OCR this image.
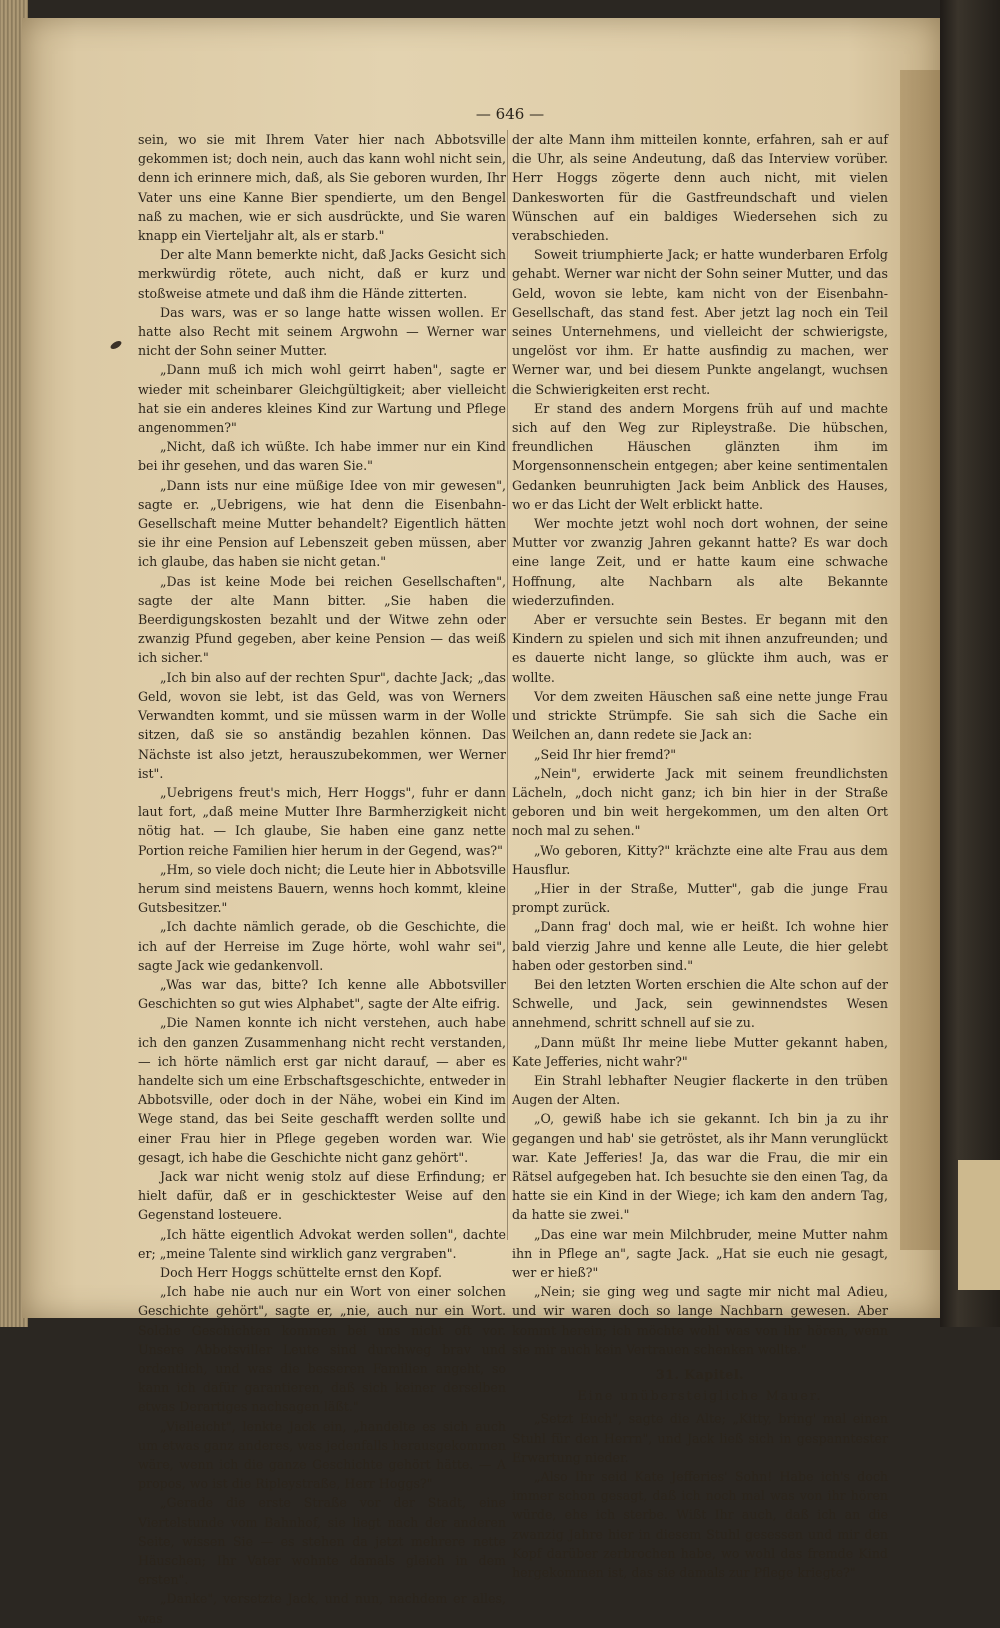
— 646 —

sein, wo sie mit Ihrem Vater hier nach Abbotsville gekommen ist; doch nein, auch das kann wohl nicht sein, denn ich erinnere mich, daß, als Sie geboren wurden, Ihr Vater uns eine Kanne Bier spendierte, um den Bengel naß zu machen, wie er sich ausdrückte, und Sie waren knapp ein Vierteljahr alt, als er starb."

Der alte Mann bemerkte nicht, daß Jacks Gesicht sich merkwürdig rötete, auch nicht, daß er kurz und stoßweise atmete und daß ihm die Hände zitterten.

Das wars, was er so lange hatte wissen wollen. Er hatte also Recht mit seinem Argwohn — Werner war nicht der Sohn seiner Mutter.

„Dann muß ich mich wohl geirrt haben", sagte er wieder mit scheinbarer Gleichgültigkeit; aber vielleicht hat sie ein anderes kleines Kind zur Wartung und Pflege angenommen?"

„Nicht, daß ich wüßte. Ich habe immer nur ein Kind bei ihr gesehen, und das waren Sie."

„Dann ists nur eine müßige Idee von mir gewesen", sagte er. „Uebrigens, wie hat denn die Eisenbahn-Gesellschaft meine Mutter behandelt? Eigentlich hätten sie ihr eine Pension auf Lebenszeit geben müssen, aber ich glaube, das haben sie nicht getan."

„Das ist keine Mode bei reichen Gesellschaften", sagte der alte Mann bitter. „Sie haben die Beerdigungskosten bezahlt und der Witwe zehn oder zwanzig Pfund gegeben, aber keine Pension — das weiß ich sicher."

„Ich bin also auf der rechten Spur", dachte Jack; „das Geld, wovon sie lebt, ist das Geld, was von Werners Verwandten kommt, und sie müssen warm in der Wolle sitzen, daß sie so anständig bezahlen können. Das Nächste ist also jetzt, herauszubekommen, wer Werner ist".

„Uebrigens freut's mich, Herr Hoggs", fuhr er dann laut fort, „daß meine Mutter Ihre Barmherzigkeit nicht nötig hat. — Ich glaube, Sie haben eine ganz nette Portion reiche Familien hier herum in der Gegend, was?"

„Hm, so viele doch nicht; die Leute hier in Abbotsville herum sind meistens Bauern, wenns hoch kommt, kleine Gutsbesitzer."

„Ich dachte nämlich gerade, ob die Geschichte, die ich auf der Herreise im Zuge hörte, wohl wahr sei", sagte Jack wie gedankenvoll.

„Was war das, bitte? Ich kenne alle Abbotsviller Geschichten so gut wies Alphabet", sagte der Alte eifrig.

„Die Namen konnte ich nicht verstehen, auch habe ich den ganzen Zusammenhang nicht recht verstanden, — ich hörte nämlich erst gar nicht darauf, — aber es handelte sich um eine Erbschaftsgeschichte, entweder in Abbotsville, oder doch in der Nähe, wobei ein Kind im Wege stand, das bei Seite geschafft werden sollte und einer Frau hier in Pflege gegeben worden war. Wie gesagt, ich habe die Geschichte nicht ganz gehört".

Jack war nicht wenig stolz auf diese Erfindung; er hielt dafür, daß er in geschicktester Weise auf den Gegenstand losteuere.

„Ich hätte eigentlich Advokat werden sollen", dachte er; „meine Talente sind wirklich ganz vergraben".

Doch Herr Hoggs schüttelte ernst den Kopf.

„Ich habe nie auch nur ein Wort von einer solchen Geschichte gehört", sagte er, „nie, auch nur ein Wort. Solche Geschichten kommen bei uns nicht oft vor. Unsere Abbotsviller Leute sind durchweg brav und ordentlich, und was die besseren Familien angeht, so kann ich dafür garantieren, daß sich keiner derselben etwas Derartiges nachsagen läßt."

„Vielleicht", lenkte Jack ein, „handelte es sich auch um etwas ganz anderes, was jedenfalls herausgekommen wäre, wenn ich die ganze Geschichte gehört hätte. — A propos, wo ist die Ripleystraße, Herr Hoggs?"

„Gerade die erste Straße vor der Stadt, eine Viertelstunde vom Bahnhof, sie liegt nach der anderen Seite, wissen Sie — es stehen da jetzt mehrere nette Häuschen; Ihr Vater wohnte damals gleich in dem ersten".

„Danke", versetzte Jack, und nun, nachdem er alles, was

der alte Mann ihm mitteilen konnte, erfahren, sah er auf die Uhr, als seine Andeutung, daß das Interview vorüber. Herr Hoggs zögerte denn auch nicht, mit vielen Dankesworten für die Gastfreundschaft und vielen Wünschen auf ein baldiges Wiedersehen sich zu verabschieden.

Soweit triumphierte Jack; er hatte wunderbaren Erfolg gehabt. Werner war nicht der Sohn seiner Mutter, und das Geld, wovon sie lebte, kam nicht von der Eisenbahn-Gesellschaft, das stand fest. Aber jetzt lag noch ein Teil seines Unternehmens, und vielleicht der schwierigste, ungelöst vor ihm. Er hatte ausfindig zu machen, wer Werner war, und bei diesem Punkte angelangt, wuchsen die Schwierigkeiten erst recht.

Er stand des andern Morgens früh auf und machte sich auf den Weg zur Ripleystraße. Die hübschen, freundlichen Häuschen glänzten ihm im Morgensonnenschein entgegen; aber keine sentimentalen Gedanken beunruhigten Jack beim Anblick des Hauses, wo er das Licht der Welt erblickt hatte.

Wer mochte jetzt wohl noch dort wohnen, der seine Mutter vor zwanzig Jahren gekannt hatte? Es war doch eine lange Zeit, und er hatte kaum eine schwache Hoffnung, alte Nachbarn als alte Bekannte wiederzufinden.

Aber er versuchte sein Bestes. Er begann mit den Kindern zu spielen und sich mit ihnen anzufreunden; und es dauerte nicht lange, so glückte ihm auch, was er wollte.

Vor dem zweiten Häuschen saß eine nette junge Frau und strickte Strümpfe. Sie sah sich die Sache ein Weilchen an, dann redete sie Jack an:

„Seid Ihr hier fremd?"

„Nein", erwiderte Jack mit seinem freundlichsten Lächeln, „doch nicht ganz; ich bin hier in der Straße geboren und bin weit hergekommen, um den alten Ort noch mal zu sehen."

„Wo geboren, Kitty?" krächzte eine alte Frau aus dem Hausflur.

„Hier in der Straße, Mutter", gab die junge Frau prompt zurück.

„Dann frag' doch mal, wie er heißt. Ich wohne hier bald vierzig Jahre und kenne alle Leute, die hier gelebt haben oder gestorben sind."

Bei den letzten Worten erschien die Alte schon auf der Schwelle, und Jack, sein gewinnendstes Wesen annehmend, schritt schnell auf sie zu.

„Dann müßt Ihr meine liebe Mutter gekannt haben, Kate Jefferies, nicht wahr?"

Ein Strahl lebhafter Neugier flackerte in den trüben Augen der Alten.

„O, gewiß habe ich sie gekannt. Ich bin ja zu ihr gegangen und hab' sie getröstet, als ihr Mann verunglückt war. Kate Jefferies! Ja, das war die Frau, die mir ein Rätsel aufgegeben hat. Ich besuchte sie den einen Tag, da hatte sie ein Kind in der Wiege; ich kam den andern Tag, da hatte sie zwei."

„Das eine war mein Milchbruder, meine Mutter nahm ihn in Pflege an", sagte Jack. „Hat sie euch nie gesagt, wer er hieß?"

„Nein; sie ging weg und sagte mir nicht mal Adieu, und wir waren doch so lange Nachbarn gewesen. Aber kommt herein; ich möchte wohl was von ihr hören, wenn sie mir auch kein Vertrauen schenken wollte."

31. Kapitel.

Eine unübersteigliche Mauer.

„Setzt Euch", sagte die Alte; „Kitty, bring' mal einen Stuhl für den Herrn", und Jack ließ sich in gespanntester Erwartung nieder.

„Also Ihr seid Kate Jefferies' Sohn! Habe ich's doch immer schon gesagt, daß ich noch mal was von ihr hören würde, ehe ich sterbe. Wißt Ihr auch, daß ich an die zwanzig Jahre hier in diesem Stuhl gesessen und mir den Kopf darüber zerbrochen habe, wo wohl das fremde Kind hergekommen ist, das sie damals zur Pflege kriegte?"
